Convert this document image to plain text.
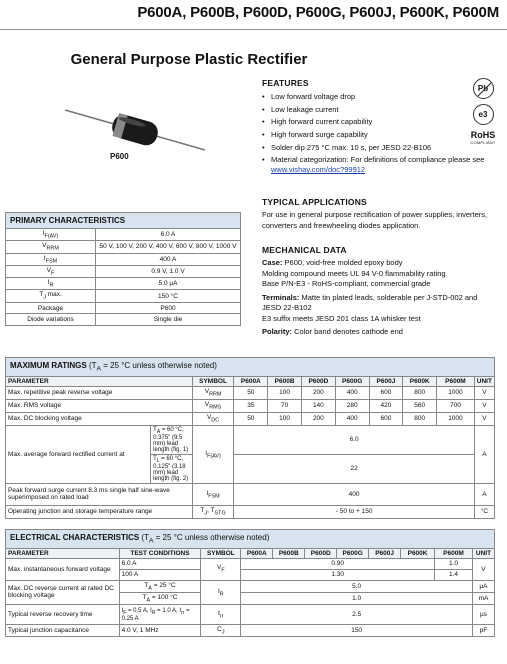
P600A, P600B, P600D, P600G, P600J, P600K, P600M
General Purpose Plastic Rectifier
P600
FEATURES
• Low forward voltage drop
• Low leakage current
• High forward current capability
• High forward surge capability
• Solder dip 275 °C max. 10 s, per JESD 22-B106
• Material categorization: For definitions of compliance please see www.vishay.com/doc?99912
Pb
e3
RoHS
COMPLIANT
TYPICAL APPLICATIONS
For use in general purpose rectification of power supplies, inverters, converters and freewheeling diodes application.
MECHANICAL DATA
Case: P600, void-free molded epoxy body
Molding compound meets UL 94 V-0 flammability rating
Base P/N-E3 - RoHS-compliant, commercial grade
Terminals: Matte tin plated leads, solderable per J-STD-002 and JESD 22-B102
E3 suffix meets JESD 201 class 1A whisker test
Polarity: Color band denotes cathode end
PRIMARY CHARACTERISTICS	
$I_{F(AV)}$	6.0 A
$V_{RRM}$	50 V, 100 V, 200 V, 400 V, 600 V, 800 V, 1000 V
$I_{FSM}$	400 A
$V_F$	0.9 V, 1.0 V
$I_R$	5.0 µA
$T_J$ max.	150 °C
Package	P600
Diode variations	Single die
MAXIMUM RATINGS ($T_A = 25$ °C unless otherwise noted)										
PARAMETER		SYMBOL	P600A	P600B	P600D	P600G	P600J	P600K	P600M	UNIT
Max. repetitive peak reverse voltage		$V_{RRM}$	50	100	200	400	600	800	1000	V
Max. RMS voltage		$V_{RMS}$	35	70	140	280	420	560	700	V
Max. DC blocking voltage		$V_{DC}$	50	100	200	400	600	800	1000	V
Max. average forward rectified current at	$T_A = 60$ °C, 0.375" (9.5 mm) lead length (fig. 1)	$I_{F(AV)}$	6.0							A
	$T_L = 60$ °C, 0.125" (3.18 mm) lead length (fig. 2)		22							
Peak forward surge current 8.3 ms single half sine-wave superimposed on rated load		$I_{FSM}$	400							A
Operating junction and storage temperature range		$T_J$, $T_{STG}$	- 50 to + 150							°C
ELECTRICAL CHARACTERISTICS ($T_A = 25$ °C unless otherwise noted)										
PARAMETER	TEST CONDITIONS	SYMBOL	P600A	P600B	P600D	P600G	P600J	P600K	P600M	UNIT
Max. instantaneous forward voltage	6.0 A	$V_F$	0.90						1.0	V
	100 A		1.30						1.4	
Max. DC reverse current at rated DC blocking voltage	$T_A = 25$ °C	$I_R$	5.0							µA
	$T_A = 100$ °C		1.0							mA
Typical reverse recovery time	$I_F = 0.5$ A, $I_R = 1.0$ A, $I_{rr} = 0.25$ A	$t_{rr}$	2.5							µs
Typical junction capacitance	4.0 V, 1 MHz	$C_J$	150							pF
